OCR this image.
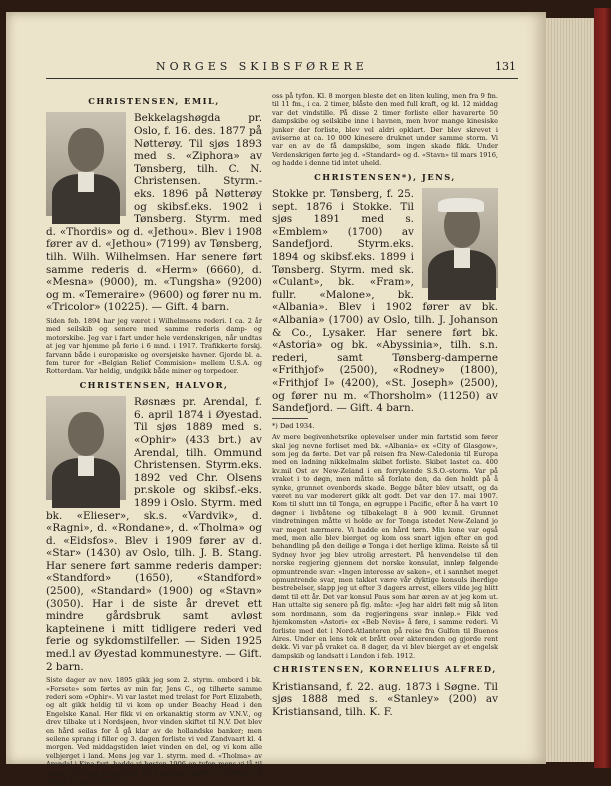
NORGES SKIBSFØRERE	131
CHRISTENSEN, EMIL,
Bekkelagshøgda pr. Oslo, f. 16. des. 1877 på Nøtterøy. Til sjøs 1893 med s. «Ziphora» av Tønsberg, tilh. C. N. Christensen. Styrm.-eks. 1896 på Nøtterøy og skibsf.eks. 1902 i Tønsberg. Styrm. med d. «Thordis» og d. «Jethou». Blev i 1908 fører av d. «Jethou» (7199) av Tønsberg, tilh. Wilh. Wilhelmsen. Har senere ført samme rederis d. «Herm» (6660), d. «Mesna» (9000), m. «Tungsha» (9200) og m. «Temeraire» (9600) og fører nu m. «Tricolor» (10225). — Gift. 4 barn.
Siden feb. 1894 har jeg været i Wilhelmsens rederi. I ca. 2 år med seilskib og senere med samme rederis damp- og motorskibe. Jeg var i fart under hele verdenskrigen, når undtas at jeg var hjemme på ferie i 6 mnd. i 1917. Trafikkerte forskj. farvann både i europæiske og oversjøiske havner. Gjorde bl. a. fem turer for «Belgian Relief Commision» mellem U.S.A. og Rotterdam. Var heldig, undgikk både miner og torpedoer.
CHRISTENSEN, HALVOR,
Røsnæs pr. Arendal, f. 6. april 1874 i Øyestad. Til sjøs 1889 med s. «Ophir» (433 brt.) av Arendal, tilh. Ommund Christensen. Styrm.eks. 1892 ved Chr. Olsens pr.skole og skibsf.-eks. 1899 i Oslo. Styrm. med bk. «Elieser», sk.s. «Vardvik», d. «Ragni», d. «Rondane», d. «Tholma» og d. «Eidsfos». Blev i 1909 fører av d. «Star» (1430) av Oslo, tilh. J. B. Stang. Har senere ført samme rederis damper: «Standford» (1650), «Standford» (2500), «Standard» (1900) og «Stavn» (3050). Har i de siste år drevet ett mindre gårdsbruk samt avløst kapteinene i mitt tidligere rederi ved ferie og sykdomstilfeller. — Siden 1925 med.l av Øyestad kommunestyre. — Gift. 2 barn.
Siste dager av nov. 1895 gikk jeg som 2. styrm. ombord i bk. «Forsete» som førtes av min far, Jens C., og tilhørte samme rederi som «Ophir». Vi var lastet med trelast for Port Elizabeth, og alt gikk heldig til vi kom op under Beachy Head i den Engelske Kanal. Her fikk vi en orkanaktig storm av V.N.V., og drev tilbake ut i Nordsjøen, hvor vinden skiftet til N.V. Det blev en hård seilas for å gå klar av de hollandske banker; men seilene sprang i filler og 3. dagen forliste vi ved Zandvaart kl. 4 morgen. Ved middagstiden løiet vinden en del, og vi kom alle velbjerget i land. Mens jeg var 1. styrm. med d. «Tholma» av Arendal i Kina-fart, hadde vi høsten 1906 en tyfon mens vi lå til ankers på Hong-Kong havn. Kl. 6 morgen skjønte vi at været så utrykt ut, og forberedte
oss på tyfon. Kl. 8 morgen bleste det en liten kuling, men fra 9 fm. til 11 fm., i ca. 2 timer, blåste den med full kraft, og kl. 12 middag var det vindstille. På disse 2 timer forliste eller havarerte 50 dampskibe og seilskibe inne i havnen, men hvor mange kinesiske junker der forliste, blev vel aldri opklart. Der blev skrevet i aviserne at ca. 10 000 kinesere druknet under samme storm. Vi var en av de få dampskibe, som ingen skade fikk. Under Verdenskrigen førte jeg d. «Standard» og d. «Stavn» til mars 1916, og hadde i denne tid intet uheld.
CHRISTENSEN*), JENS,
Stokke pr. Tønsberg, f. 25. sept. 1876 i Stokke. Til sjøs 1891 med s. «Emblem» (1700) av Sandefjord. Styrm.eks. 1894 og skibsf.eks. 1899 i Tønsberg. Styrm. med sk. «Culant», bk. «Fram», fullr. «Malone», bk. «Albania». Blev i 1902 fører av bk. «Albania» (1700) av Oslo, tilh. J. Johanson & Co., Lysaker. Har senere ført bk. «Astoria» og bk. «Abyssinia», tilh. s.n. rederi, samt Tønsberg-damperne «Frithjof» (2500), «Rodney» (1800), «Frithjof I» (4200), «St. Joseph» (2500), og fører nu m. «Thorsholm» (11250) av Sandefjord. — Gift. 4 barn.
*) Død 1934.
Av mere begivenhetsrike oplevelser under min fartstid som fører skal jeg nevne forliset med bk. «Albania» ex «City of Glasgow», som jeg da førte. Det var på reisen fra New-Caledonia til Europa med en ladning nikkelmalm skibet forliste. Skibet lastet ca. 400 kv.mil Ost av New-Zeland i en forrykende S.S.O.-storm. Var på vraket i to døgn, men måtte så forlate den, da den holdt på å synke, grunnet ovenbords skade. Begge båter blev utsatt, og da været nu var moderert gikk alt godt. Det var den 17. mai 1907. Kom til slutt inn til Tonga, en øgruppe i Pacific, efter å ha vært 10 døgner i livbåtene og tilbakelagt 8 à 900 kv.mil. Grunnet vindretningen måtte vi holde av for Tonga istedet New-Zeland jo var meget nærmere. Vi hadde en hård tørn. Min kone var også med, men alle blev bierget og kom oss snart igjen efter en god behandling på den deilige ø Tonga i det herlige klima. Reiste så til Sydney hvor jeg blev utrolig arrestert. På henvendelse til den norske regjering gjennem det norske konsulat, innløp følgende opmuntrende svar: «Ingen interesse av saken», et i sannhet meget opmuntrende svar, men takket være vår dyktige konsuls iherdige bestrebelser, slapp jeg ut efter 3 dagers arrest, ellers vilde jeg blitt dømt til ett år. Det var konsul Paus som har æren av at jeg kom ut. Han uttalte sig senere på flg. måte: «Jeg har aldri følt mig så liten som nordmann, som da regjeringens svar innløp.» Fikk ved hjemkomsten «Astori» ex «Beb Nevis» å føre, i samme rederi. Vi forliste med det i Nord-Atlanteren på reise fra Gulfen til Buenos Aires. Under en lens tok et brått over akterenden og gjorde rent dekk. Vi var på vraket ca. 8 dager, da vi blev bierget av et engelsk dampskib og landsatt i London i feb. 1912.
CHRISTENSEN, KORNELIUS ALFRED,
Kristiansand, f. 22. aug. 1873 i Søgne. Til sjøs 1888 med s. «Stanley» (200) av Kristiansand, tilh. K. F.
